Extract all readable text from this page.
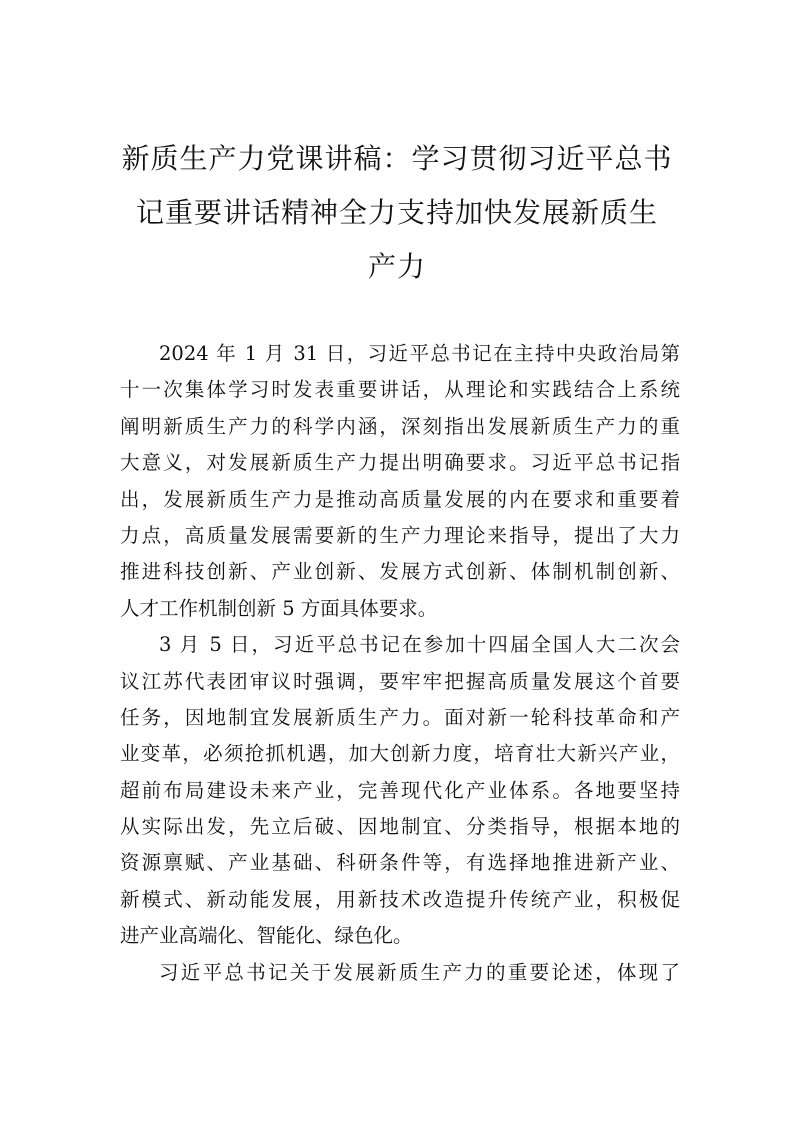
新质生产力党课讲稿：学习贯彻习近平总书
记重要讲话精神全力支持加快发展新质生
产力
2024 年 1 月 31 日，习近平总书记在主持中央政治局第
十一次集体学习时发表重要讲话，从理论和实践结合上系统
阐明新质生产力的科学内涵，深刻指出发展新质生产力的重
大意义，对发展新质生产力提出明确要求。习近平总书记指
出，发展新质生产力是推动高质量发展的内在要求和重要着
力点，高质量发展需要新的生产力理论来指导，提出了大力
推进科技创新、产业创新、发展方式创新、体制机制创新、
人才工作机制创新 5 方面具体要求。
3 月 5 日，习近平总书记在参加十四届全国人大二次会
议江苏代表团审议时强调，要牢牢把握高质量发展这个首要
任务，因地制宜发展新质生产力。面对新一轮科技革命和产
业变革，必须抢抓机遇，加大创新力度，培育壮大新兴产业，
超前布局建设未来产业，完善现代化产业体系。各地要坚持
从实际出发，先立后破、因地制宜、分类指导，根据本地的
资源禀赋、产业基础、科研条件等，有选择地推进新产业、
新模式、新动能发展，用新技术改造提升传统产业，积极促
进产业高端化、智能化、绿色化。
习近平总书记关于发展新质生产力的重要论述，体现了
